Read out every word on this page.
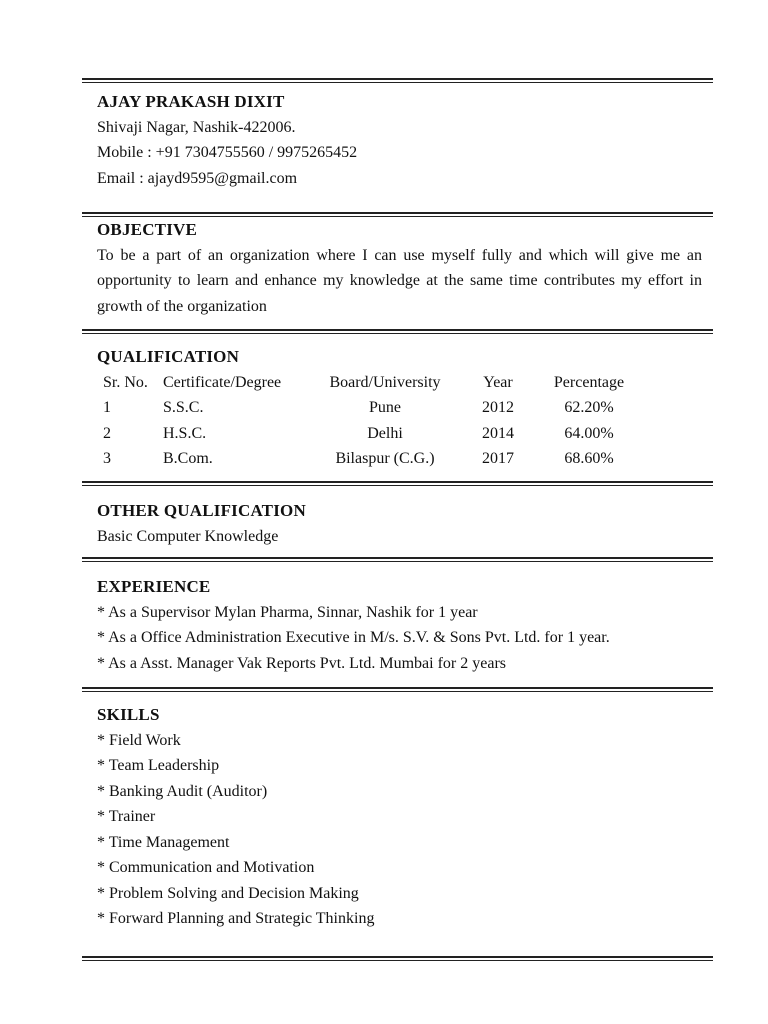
AJAY PRAKASH DIXIT
Shivaji Nagar, Nashik-422006.
Mobile : +91 7304755560 / 9975265452
Email : ajayd9595@gmail.com
OBJECTIVE
To be a part of an organization where I can use myself fully and which will give me an opportunity to learn and enhance my knowledge at the same time contributes my effort in growth of the organization
QUALIFICATION
Sr. No.	Certificate/Degree	Board/University	Year	Percentage
1	S.S.C.	Pune	2012	62.20%
2	H.S.C.	Delhi	2014	64.00%
3	B.Com.	Bilaspur (C.G.)	2017	68.60%
OTHER QUALIFICATION
Basic Computer Knowledge
EXPERIENCE
* As a Supervisor Mylan Pharma, Sinnar, Nashik for 1 year
* As a Office Administration Executive in M/s. S.V. & Sons Pvt. Ltd. for 1 year.
* As a Asst. Manager Vak Reports Pvt. Ltd. Mumbai for 2 years
SKILLS
* Field Work
* Team Leadership
* Banking Audit (Auditor)
* Trainer
* Time Management
* Communication and Motivation
* Problem Solving and Decision Making
* Forward Planning and Strategic Thinking
